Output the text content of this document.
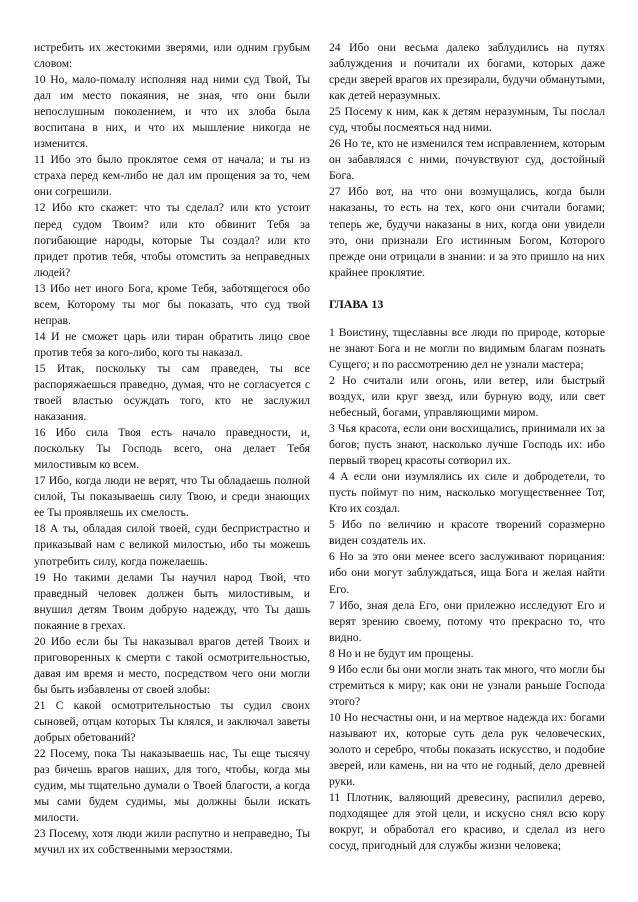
истребить их жестокими зверями, или одним грубым словом:

10 Но, мало-помалу исполняя над ними суд Твой, Ты дал им место покаяния, не зная, что они были непослушным поколением, и что их злоба была воспитана в них, и что их мышление никогда не изменится.

11 Ибо это было проклятое семя от начала; и ты из страха перед кем-либо не дал им прощения за то, чем они согрешили.

12 Ибо кто скажет: что ты сделал? или кто устоит перед судом Твоим? или кто обвинит Тебя за погибающие народы, которые Ты создал? или кто придет против тебя, чтобы отомстить за неправедных людей?

13 Ибо нет иного Бога, кроме Тебя, заботящегося обо всем, Которому ты мог бы показать, что суд твой неправ.

14 И не сможет царь или тиран обратить лицо свое против тебя за кого-либо, кого ты наказал.

15 Итак, поскольку ты сам праведен, ты все распоряжаешься праведно, думая, что не согласуется с твоей властью осуждать того, кто не заслужил наказания.

16 Ибо сила Твоя есть начало праведности, и, поскольку Ты Господь всего, она делает Тебя милостивым ко всем.

17 Ибо, когда люди не верят, что Ты обладаешь полной силой, Ты показываешь силу Твою, и среди знающих ее Ты проявляешь их смелость.

18 А ты, обладая силой твоей, суди беспристрастно и приказывай нам с великой милостью, ибо ты можешь употребить силу, когда пожелаешь.

19 Но такими делами Ты научил народ Твой, что праведный человек должен быть милостивым, и внушил детям Твоим добрую надежду, что Ты дашь покаяние в грехах.

20 Ибо если бы Ты наказывал врагов детей Твоих и приговоренных к смерти с такой осмотрительностью, давая им время и место, посредством чего они могли бы быть избавлены от своей злобы:

21 С какой осмотрительностью ты судил своих сыновей, отцам которых Ты клялся, и заключал заветы добрых обетований?

22 Посему, пока Ты наказываешь нас, Ты еще тысячу раз бичешь врагов наших, для того, чтобы, когда мы судим, мы тщательно думали о Твоей благости, а когда мы сами будем судимы, мы должны были искать милости.

23 Посему, хотя люди жили распутно и неправедно, Ты мучил их их собственными мерзостями.

24 Ибо они весьма далеко заблудились на путях заблуждения и почитали их богами, которых даже среди зверей врагов их презирали, будучи обманутыми, как детей неразумных.

25 Посему к ним, как к детям неразумным, Ты послал суд, чтобы посмеяться над ними.

26 Но те, кто не изменился тем исправлением, которым он забавлялся с ними, почувствуют суд, достойный Бога.

27 Ибо вот, на что они возмущались, когда были наказаны, то есть на тех, кого они считали богами; теперь же, будучи наказаны в них, когда они увидели это, они признали Его истинным Богом, Которого прежде они отрицали в знании: и за это пришло на них крайнее проклятие.

ГЛАВА 13

1 Воистину, тщеславны все люди по природе, которые не знают Бога и не могли по видимым благам познать Сущего; и по рассмотрению дел не узнали мастера;

2 Но считали или огонь, или ветер, или быстрый воздух, или круг звезд, или бурную воду, или свет небесный, богами, управляющими миром.

3 Чья красота, если они восхищались, принимали их за богов; пусть знают, насколько лучше Господь их: ибо первый творец красоты сотворил их.

4 А если они изумлялись их силе и добродетели, то пусть поймут по ним, насколько могущественнее Тот, Кто их создал.

5 Ибо по величию и красоте творений соразмерно виден создатель их.

6 Но за это они менее всего заслуживают порицания: ибо они могут заблуждаться, ища Бога и желая найти Его.

7 Ибо, зная дела Его, они прилежно исследуют Его и верят зрению своему, потому что прекрасно то, что видно.

8 Но и не будут им прощены.

9 Ибо если бы они могли знать так много, что могли бы стремиться к миру; как они не узнали раньше Господа этого?

10 Но несчастны они, и на мертвое надежда их: богами называют их, которые суть дела рук человеческих, золото и серебро, чтобы показать искусство, и подобие зверей, или камень, ни на что не годный, дело древней руки.

11 Плотник, валяющий древесину, распилил дерево, подходящее для этой цели, и искусно снял всю кору вокруг, и обработал его красиво, и сделал из него сосуд, пригодный для службы жизни человека;
